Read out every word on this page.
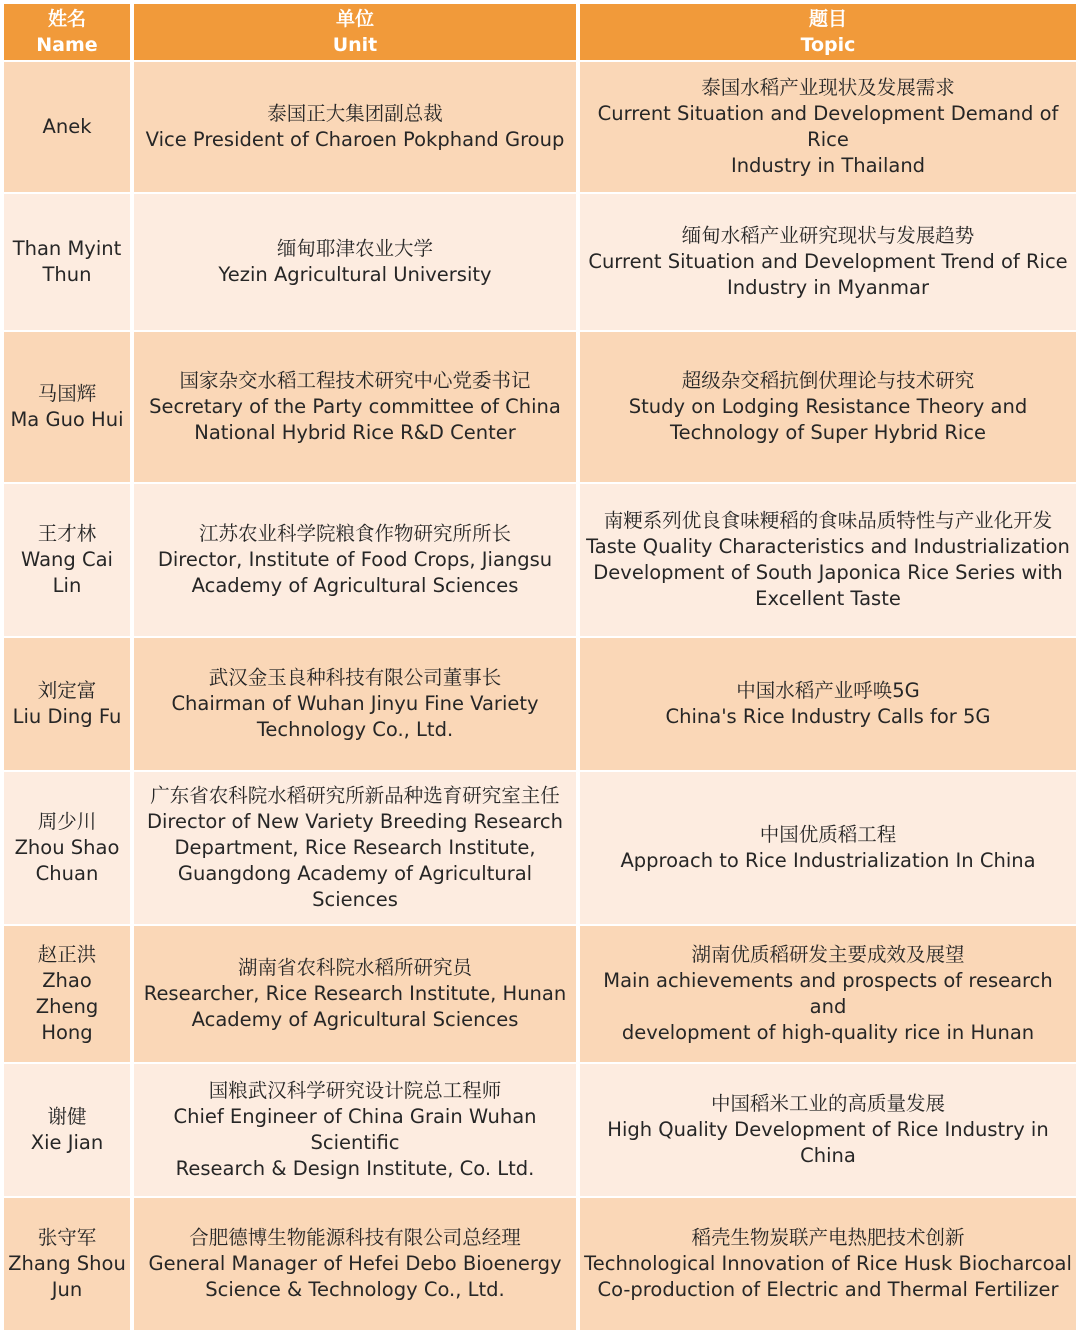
姓名
Name
单位
Unit
题目
Topic
Anek
泰国正大集团副总裁
Vice President of Charoen Pokphand Group
泰国水稻产业现状及发展需求
Current Situation and Development Demand of Rice
Industry in Thailand
Than Myint
Thun
缅甸耶津农业大学
Yezin Agricultural University
缅甸水稻产业研究现状与发展趋势
Current Situation and Development Trend of Rice
Industry in Myanmar
马国辉
Ma Guo Hui
国家杂交水稻工程技术研究中心党委书记
Secretary of the Party committee of China
National Hybrid Rice R&D Center
超级杂交稻抗倒伏理论与技术研究
Study on Lodging Resistance Theory and
Technology of Super Hybrid Rice
王才林
Wang Cai
Lin
江苏农业科学院粮食作物研究所所长
Director, Institute of Food Crops, Jiangsu
Academy of Agricultural Sciences
南粳系列优良食味粳稻的食味品质特性与产业化开发
Taste Quality Characteristics and Industrialization
Development of South Japonica Rice Series with
Excellent Taste
刘定富
Liu Ding Fu
武汉金玉良种科技有限公司董事长
Chairman of Wuhan Jinyu Fine Variety
Technology Co., Ltd.
中国水稻产业呼唤5G
China's Rice Industry Calls for 5G
周少川
Zhou Shao
Chuan
广东省农科院水稻研究所新品种选育研究室主任
Director of New Variety Breeding Research
Department, Rice Research Institute,
Guangdong Academy of Agricultural Sciences
中国优质稻工程
Approach to Rice Industrialization In China
赵正洪
Zhao Zheng
Hong
湖南省农科院水稻所研究员
Researcher, Rice Research Institute, Hunan
Academy of Agricultural Sciences
湖南优质稻研发主要成效及展望
Main achievements and prospects of research and
development of high-quality rice in Hunan
谢健
Xie Jian
国粮武汉科学研究设计院总工程师
Chief Engineer of China Grain Wuhan Scientific
Research & Design Institute, Co. Ltd.
中国稻米工业的高质量发展
High Quality Development of Rice Industry in China
张守军
Zhang Shou
Jun
合肥德博生物能源科技有限公司总经理
General Manager of Hefei Debo Bioenergy
Science & Technology Co., Ltd.
稻壳生物炭联产电热肥技术创新
Technological Innovation of Rice Husk Biocharcoal
Co-production of Electric and Thermal Fertilizer
